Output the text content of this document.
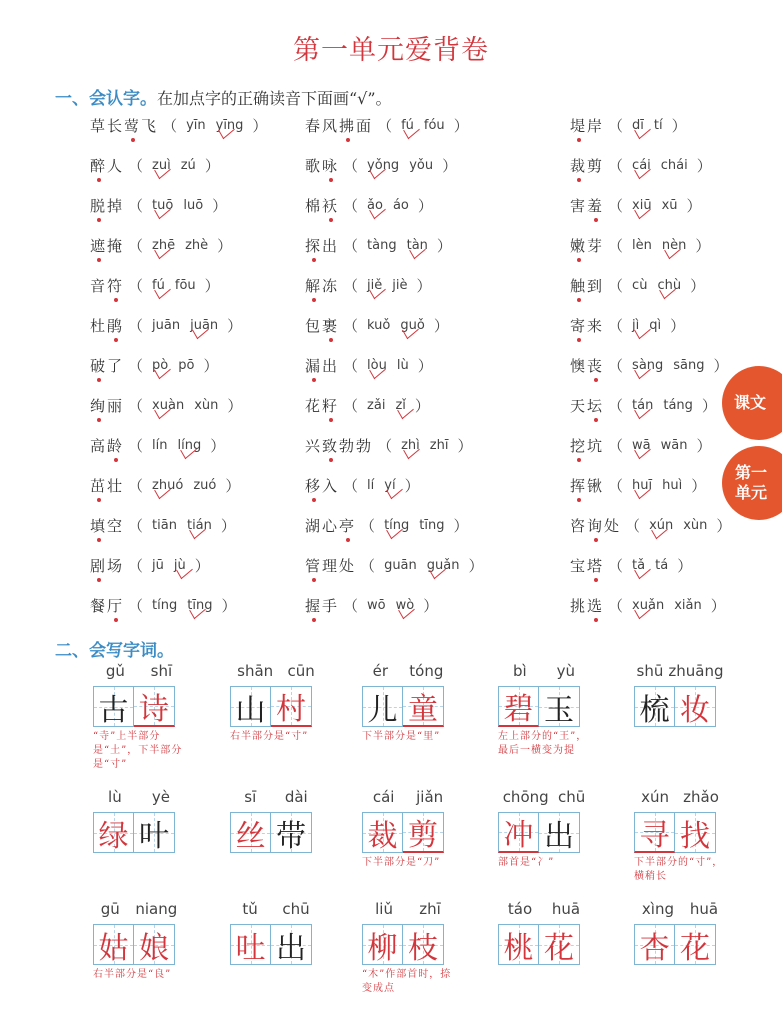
第一单元爱背卷
一、会认字。在加点字的正确读音下面画“√”。
草长莺飞 （ yīn yīng ）
醉人 （ zuì zú ）
脱掉 （ tuō luō ）
遮掩 （ zhē zhè ）
音符 （ fú fōu ）
杜鹃 （ juān juān ）
破了 （ pò pō ）
绚丽 （ xuàn xùn ）
高龄 （ lín líng ）
茁壮 （ zhuó zuó ）
填空 （ tiān tián ）
剧场 （ jū jù ）
餐厅 （ tíng tīng ）
春风拂面 （ fú fóu ）
歌咏 （ yǒng yǒu ）
棉袄 （ ǎo áo ）
探出 （ tàng tàn ）
解冻 （ jiě jiè ）
包裹 （ kuǒ guǒ ）
漏出 （ lòu lù ）
花籽 （ zǎi zǐ ）
兴致勃勃 （ zhì zhī ）
移入 （ lí yí ）
湖心亭 （ tíng tīng ）
管理处 （ guān guǎn ）
握手 （ wō wò ）
堤岸 （ dī tí ）
裁剪 （ cái chái ）
害羞 （ xiū xū ）
嫩芽 （ lèn nèn ）
触到 （ cù chù ）
寄来 （ jì qì ）
懊丧 （ sàng sāng ）
天坛 （ tán táng ）
挖坑 （ wā wān ）
挥锹 （ huī huì ）
咨询处 （ xún xùn ）
宝塔 （ tǎ tá ）
挑选 （ xuǎn xiǎn ）
课文
第一
单元
二、会写字词。
gǔ shī
古 诗
“寺”上半部分是“土”，下半部分是“寸”
shān cūn
山 村
右半部分是“寸”
ér tóng
儿 童
下半部分是“里”
bì yù
碧 玉
左上部分的“王”，最后一横变为提
shū zhuāng
梳 妆
lù yè
绿 叶
sī dài
丝 带
cái jiǎn
裁 剪
下半部分是“刀”
chōng chū
冲 出
部首是“冫”
xún zhǎo
寻 找
下半部分的“寸”，横稍长
gū niang
姑 娘
右半部分是“良”
tǔ chū
吐 出
liǔ zhī
柳 枝
“木”作部首时，捺变成点
táo huā
桃 花
xìng huā
杏 花
